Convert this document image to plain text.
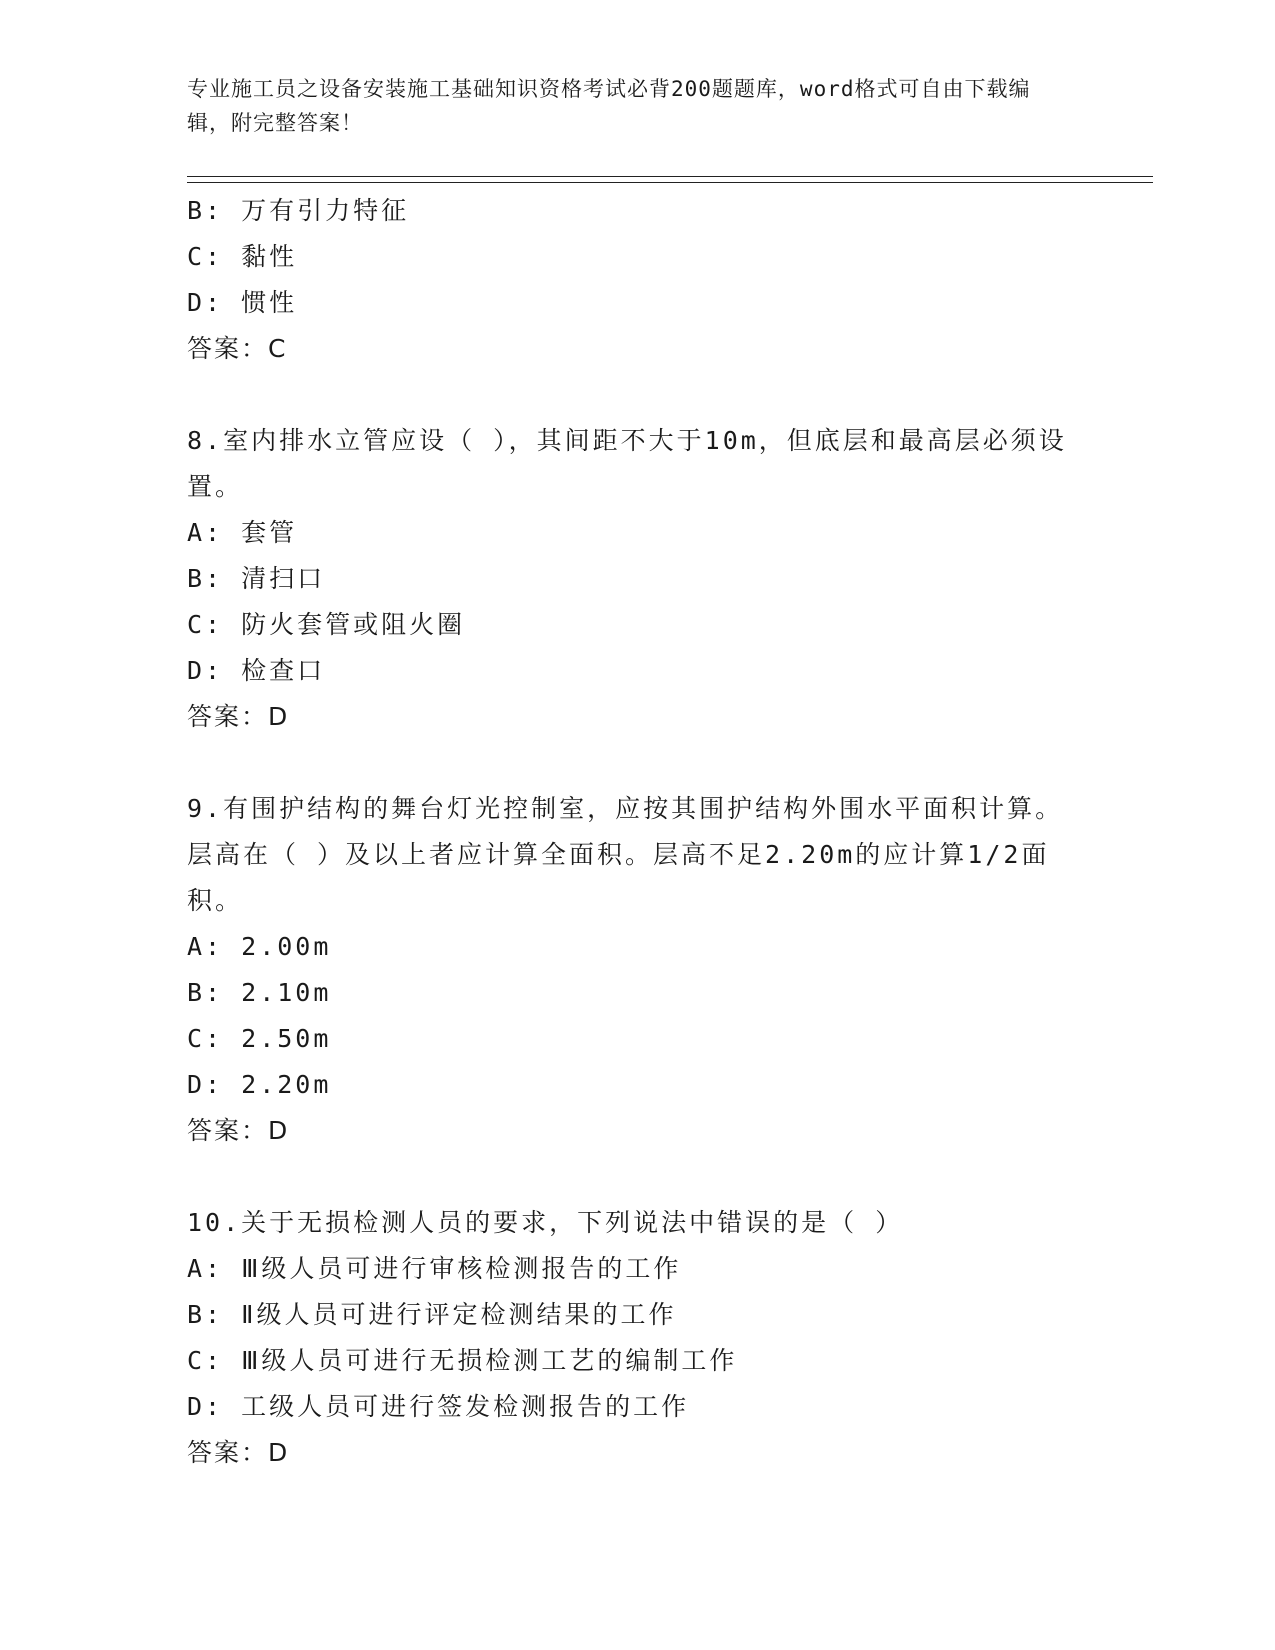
专业施工员之设备安装施工基础知识资格考试必背200题题库，word格式可自由下载编辑，附完整答案！

B: 万有引力特征

C: 黏性

D: 惯性

答案：C

8.室内排水立管应设（ ），其间距不大于10m，但底层和最高层必须设置。

A: 套管

B: 清扫口

C: 防火套管或阻火圈

D: 检查口

答案：D

9.有围护结构的舞台灯光控制室，应按其围护结构外围水平面积计算。层高在（ ）及以上者应计算全面积。层高不足2.20m的应计算1/2面积。

A: 2.00m

B: 2.10m

C: 2.50m

D: 2.20m

答案：D

10.关于无损检测人员的要求，下列说法中错误的是（ ）

A: Ⅲ级人员可进行审核检测报告的工作

B: Ⅱ级人员可进行评定检测结果的工作

C: Ⅲ级人员可进行无损检测工艺的编制工作

D: 工级人员可进行签发检测报告的工作

答案：D
